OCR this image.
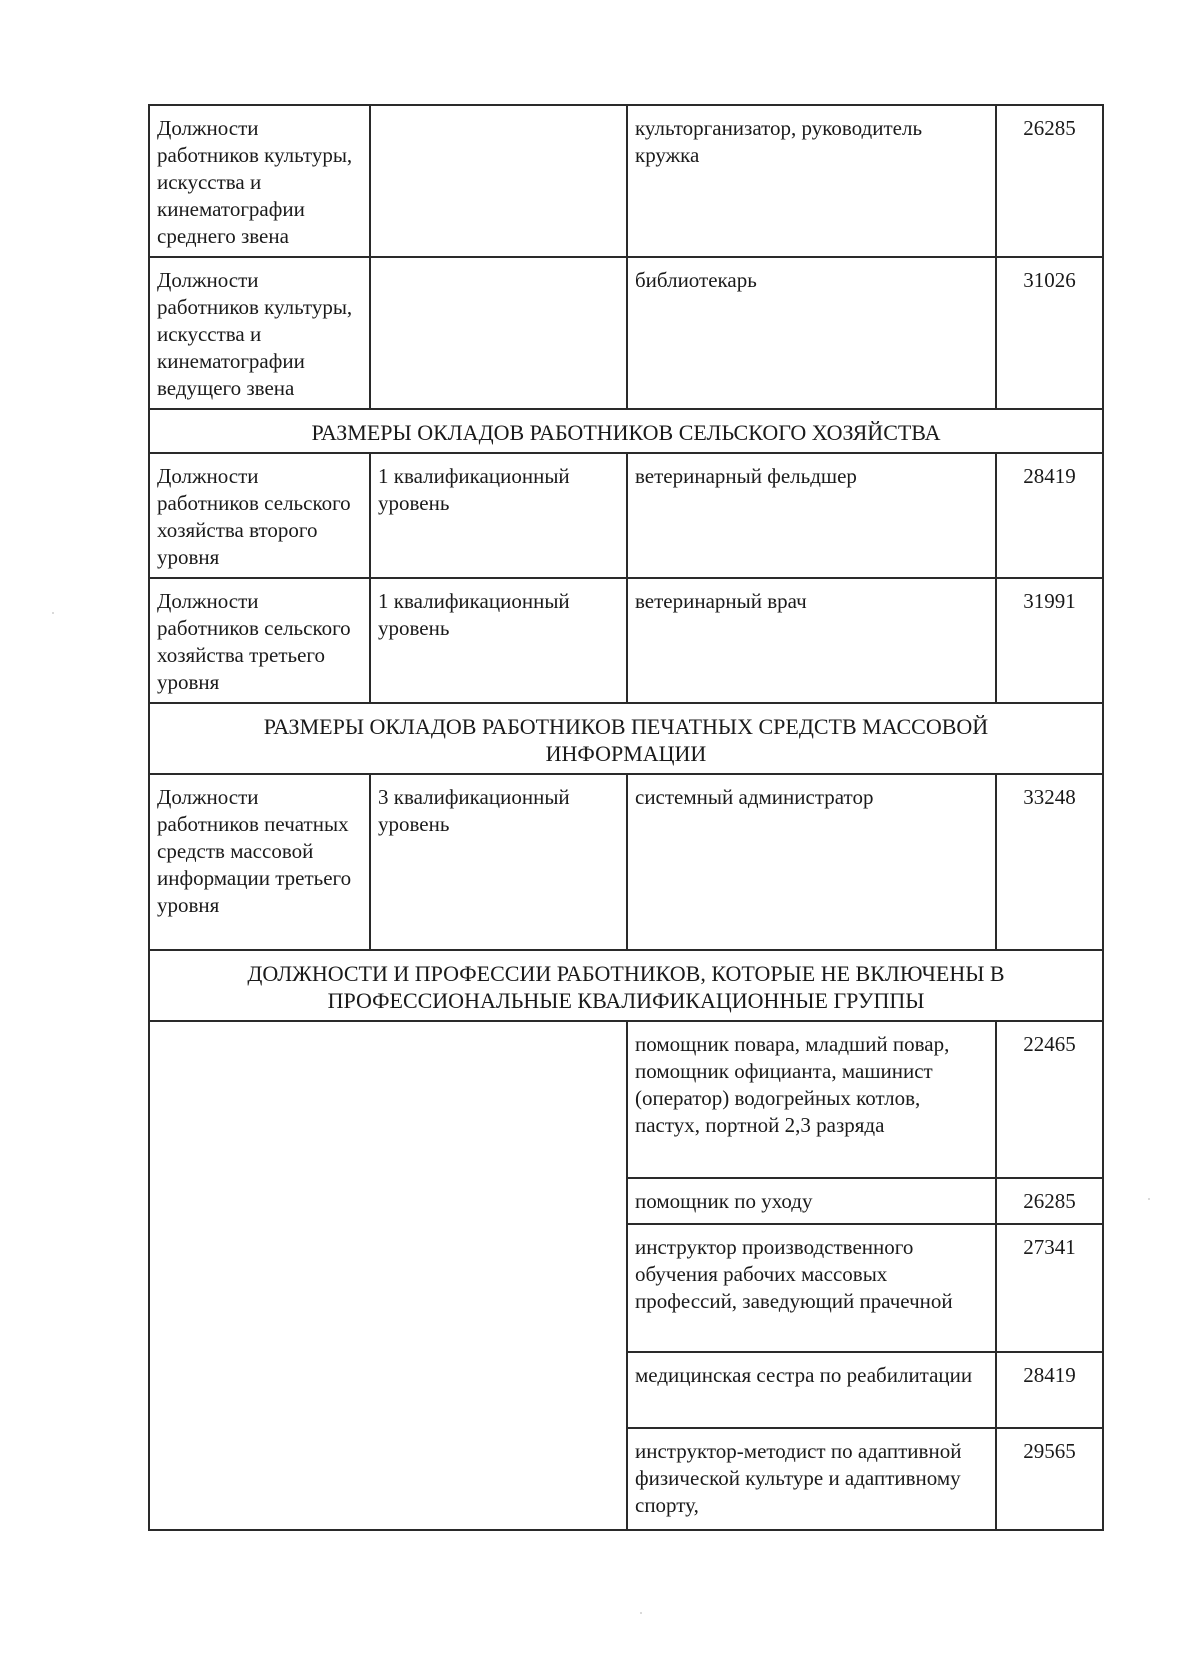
Должности работников культуры, искусства и кинематографии среднего звена		культорганизатор, руководитель кружка	26285
Должности работников культуры, искусства и кинематографии ведущего звена		библиотекарь	31026
РАЗМЕРЫ ОКЛАДОВ РАБОТНИКОВ СЕЛЬСКОГО ХОЗЯЙСТВА			
Должности работников сельского хозяйства второго уровня	1 квалификационный уровень	ветеринарный фельдшер	28419
Должности работников сельского хозяйства третьего уровня	1 квалификационный уровень	ветеринарный врач	31991
РАЗМЕРЫ ОКЛАДОВ РАБОТНИКОВ ПЕЧАТНЫХ СРЕДСТВ МАССОВОЙ ИНФОРМАЦИИ			
Должности работников печатных средств массовой информации третьего уровня	3 квалификационный уровень	системный администратор	33248
ДОЛЖНОСТИ И ПРОФЕССИИ РАБОТНИКОВ, КОТОРЫЕ НЕ ВКЛЮЧЕНЫ В ПРОФЕССИОНАЛЬНЫЕ КВАЛИФИКАЦИОННЫЕ ГРУППЫ			
		помощник повара, младший повар, помощник официанта, машинист (оператор) водогрейных котлов, пастух, портной 2,3 разряда	22465
		помощник по уходу	26285
		инструктор производственного обучения рабочих массовых профессий, заведующий прачечной	27341
		медицинская сестра по реабилитации	28419
		инструктор-методист по адаптивной физической культуре и адаптивному спорту,	29565
